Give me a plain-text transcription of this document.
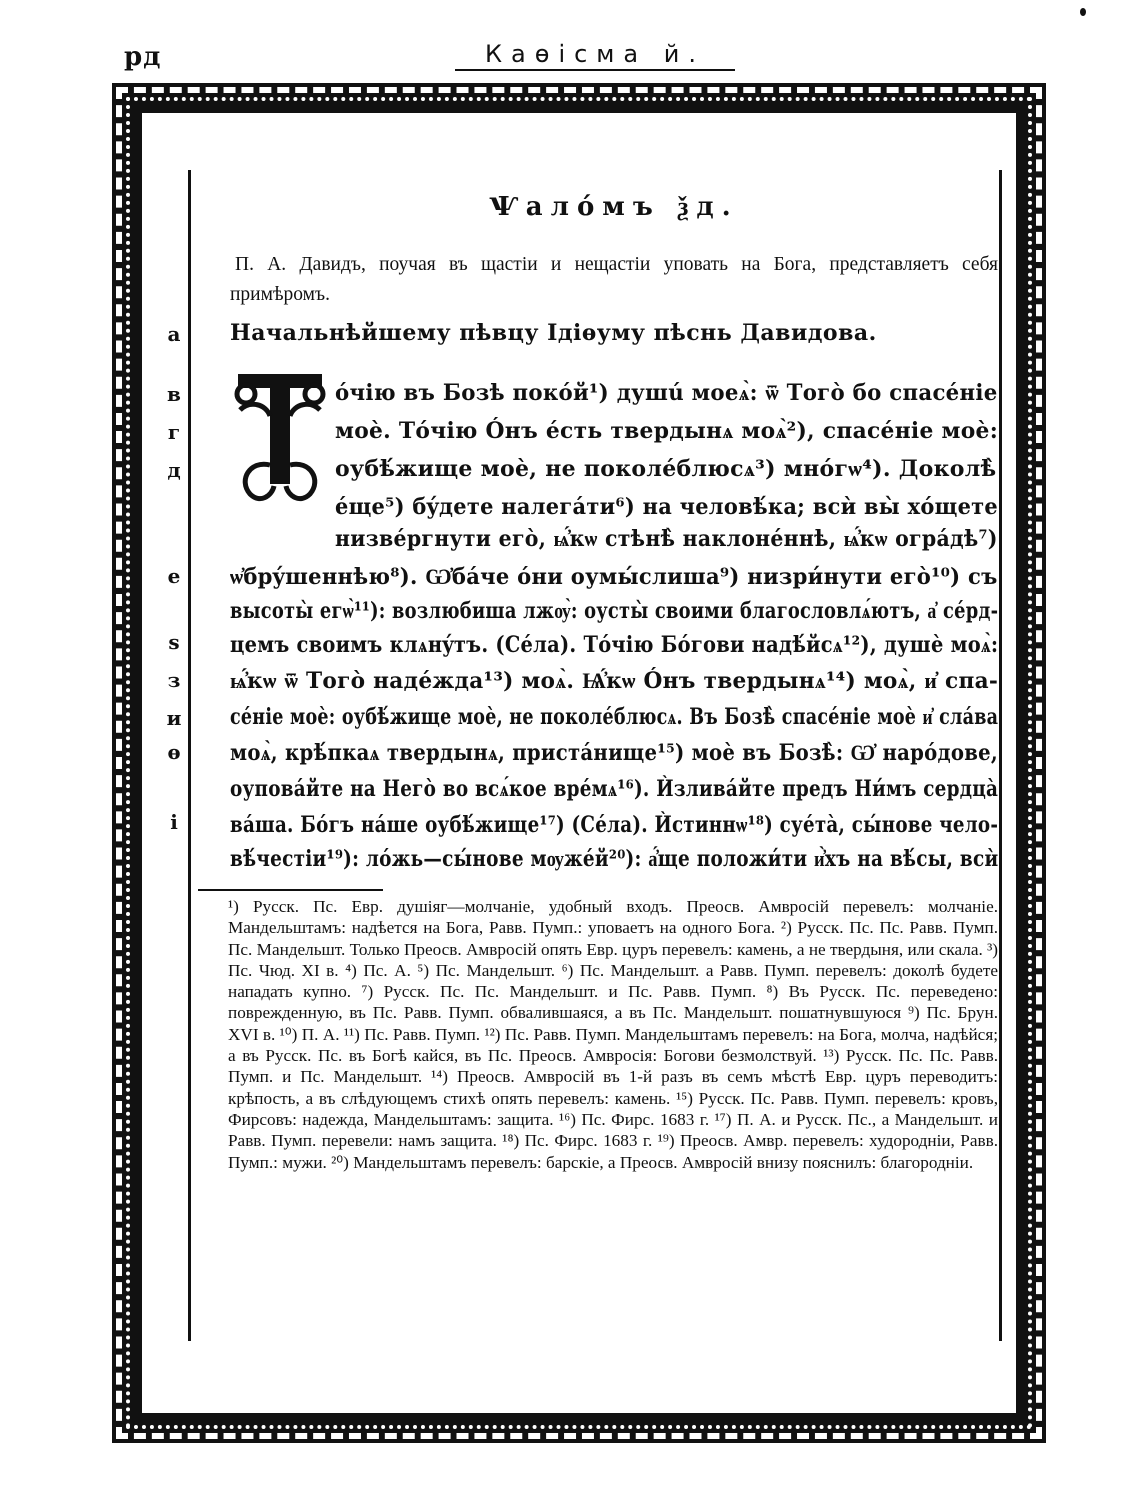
рд	Каѳісма й.
а
в
г
д
е
ѕ
з
и
ѳ
і
Ѱалóмъ ѯд.
П. А. Давидъ, поучая въ щастіи и нещастіи уповать на Бога, представляетъ себя примѣромъ.
Начальнѣйшему пѣвцу Ідіѳуму пѣснь Давидова.
Т
óчію въ Бозѣ покóй¹) душú моеѧ̀: ѿ Тогò бо спасéніе
моè. Тóчію Óнъ éсть твердынѧ моѧ̀²), спасéніе моè:
оубѣ́жище моè, не поколéблюсѧ³) мнóгѡ⁴). Доколѣ̀
éще⁵) бýдете налегáти⁶) на человѣ́ка; всѝ вы̀ хóщете
низвéргнути егò, ѩ҆́кѡ стѣнѣ̀ наклонéннѣ, ѩ҆́кѡ огрáдѣ⁷)
ѡ҆брýшеннѣю⁸). Ѡ҆бáче óни оумы́слиша⁹) низри́нути егò¹⁰) съ
высоты̀ егѡ̀¹¹): возлюбиша лжѹ̀: оусты̀ своими благословлѧ́ютъ, а҆ сéрд-
цемъ своимъ клѧнýтъ. (Сéла). Тóчію Бóгови надѣ́йсѧ¹²), душè моѧ̀:
ѩ҆́кѡ ѿ Тогò надéжда¹³) моѧ̀. Ѩ҆́кѡ Óнъ твердынѧ¹⁴) моѧ̀, и҆ спа-
сéніе моè: оубѣ́жище моè, не поколéблюсѧ. Въ Бозѣ̀ спасéніе моè и҆ слáва
моѧ̀, крѣ́пкаѧ твердынѧ, пристáнище¹⁵) моè въ Бозѣ̀: Ѡ҆ нарóдове,
оуповáйте на Негò во всѧ́кое врéмѧ¹⁶). Ѝзливáйте предъ Ни́мъ сердцà
вáша. Бóгъ нáше оубѣ́жище¹⁷) (Сéла). Ѝстиннѡ¹⁸) суéтà, сы́нове чело-
вѣ́честіи¹⁹): лóжь—сы́нове мѹжéй²⁰): а҆́ще положи́ти и҆̀хъ на вѣ́сы, всѝ
¹) Русск. Пс. Евр. душіяг—молчаніе, удобный входъ. Преосв. Амвросій перевелъ: молчаніе. Мандельштамъ: надѣется на Бога, Равв. Пумп.: уповаетъ на одного Бога. ²) Русск. Пс. Пс. Равв. Пумп. Пс. Мандельшт. Только Преосв. Амвросій опять Евр. цуръ перевелъ: камень, а не твердыня, или скала. ³) Пс. Чюд. XI в. ⁴) Пс. А. ⁵) Пс. Мандельшт. ⁶) Пс. Мандельшт. а Равв. Пумп. перевелъ: доколѣ будете нападать купно. ⁷) Русск. Пс. Пс. Мандельшт. и Пс. Равв. Пумп. ⁸) Въ Русск. Пс. переведено: поврежденную, въ Пс. Равв. Пумп. обвалившаяся, а въ Пс. Мандельшт. пошатнувшуюся ⁹) Пс. Брун. XVI в. ¹⁰) П. А. ¹¹) Пс. Равв. Пумп. ¹²) Пс. Равв. Пумп. Мандельштамъ перевелъ: на Бога, молча, надѣйся; а въ Русск. Пс. въ Богѣ кайся, въ Пс. Преосв. Амвросія: Богови безмолствуй. ¹³) Русск. Пс. Пс. Равв. Пумп. и Пс. Мандельшт. ¹⁴) Преосв. Амвросій въ 1-й разъ въ семъ мѣстѣ Евр. цуръ переводитъ: крѣпость, а въ слѣдующемъ стихѣ опять перевелъ: камень. ¹⁵) Русск. Пс. Равв. Пумп. перевелъ: кровъ, Фирсовъ: надежда, Мандельштамъ: защита. ¹⁶) Пс. Фирс. 1683 г. ¹⁷) П. А. и Русск. Пс., а Мандельшт. и Равв. Пумп. перевели: намъ защита. ¹⁸) Пс. Фирс. 1683 г. ¹⁹) Преосв. Амвр. перевелъ: худородніи, Равв. Пумп.: мужи. ²⁰) Мандельштамъ перевелъ: барскіе, а Преосв. Амвросій внизу пояснилъ: благородніи.
